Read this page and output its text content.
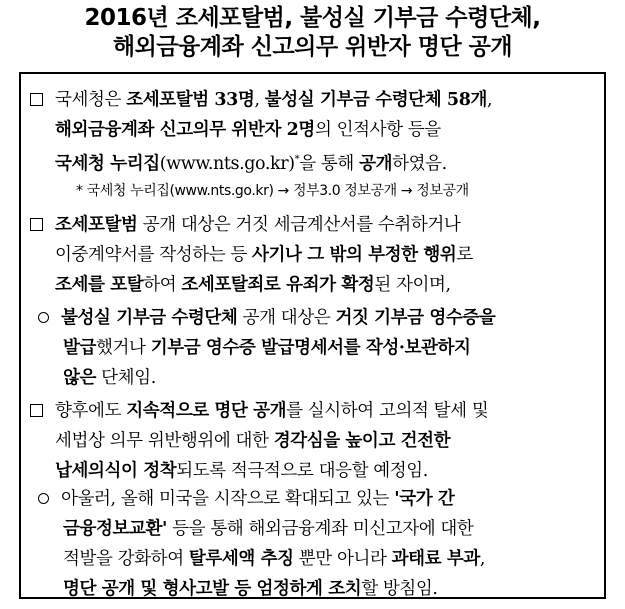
2016년 조세포탈범, 불성실 기부금 수령단체,
해외금융계좌 신고의무 위반자 명단 공개
국세청은 조세포탈범 33명, 불성실 기부금 수령단체 58개,
해외금융계좌 신고의무 위반자 2명의 인적사항 등을
국세청 누리집(www.nts.go.kr)*을 통해 공개하였음.
* 국세청 누리집(www.nts.go.kr) → 정부3.0 정보공개 → 정보공개
조세포탈범 공개 대상은 거짓 세금계산서를 수취하거나
이중계약서를 작성하는 등 사기나 그 밖의 부정한 행위로
조세를 포탈하여 조세포탈죄로 유죄가 확정된 자이며,
불성실 기부금 수령단체 공개 대상은 거짓 기부금 영수증을
발급했거나 기부금 영수증 발급명세서를 작성·보관하지
않은 단체임.
향후에도 지속적으로 명단 공개를 실시하여 고의적 탈세 및
세법상 의무 위반행위에 대한 경각심을 높이고 건전한
납세의식이 정착되도록 적극적으로 대응할 예정임.
아울러, 올해 미국을 시작으로 확대되고 있는 '국가 간
금융정보교환' 등을 통해 해외금융계좌 미신고자에 대한
적발을 강화하여 탈루세액 추징 뿐만 아니라 과태료 부과,
명단 공개 및 형사고발 등 엄정하게 조치할 방침임.
